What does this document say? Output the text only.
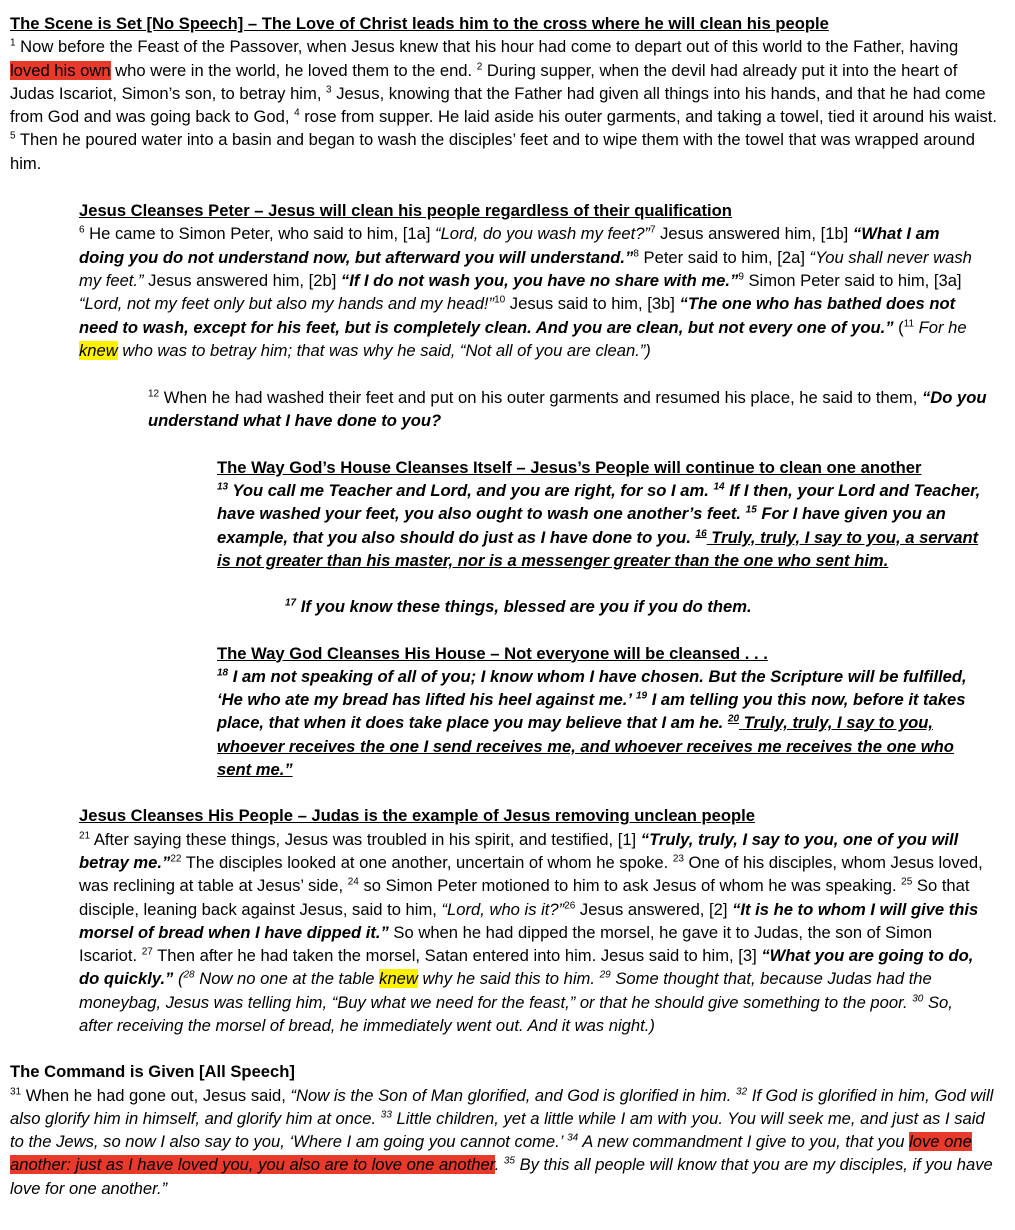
The Scene is Set [No Speech] – The Love of Christ leads him to the cross where he will clean his people

$^1$ Now before the Feast of the Passover, when Jesus knew that his hour had come to depart out of this world to the Father, having loved his own who were in the world, he loved them to the end. $^2$ During supper, when the devil had already put it into the heart of Judas Iscariot, Simon’s son, to betray him, $^3$ Jesus, knowing that the Father had given all things into his hands, and that he had come from God and was going back to God, $^4$ rose from supper. He laid aside his outer garments, and taking a towel, tied it around his waist. $^5$ Then he poured water into a basin and began to wash the disciples’ feet and to wipe them with the towel that was wrapped around him.

Jesus Cleanses Peter – Jesus will clean his people regardless of their qualification

$^6$ He came to Simon Peter, who said to him, [1a] “Lord, do you wash my feet?”$^7$ Jesus answered him, [1b] “What I am doing you do not understand now, but afterward you will understand.”$^8$ Peter said to him, [2a] “You shall never wash my feet.” Jesus answered him, [2b] “If I do not wash you, you have no share with me.”$^9$ Simon Peter said to him, [3a] “Lord, not my feet only but also my hands and my head!”$^{10}$ Jesus said to him, [3b] “The one who has bathed does not need to wash, except for his feet, but is completely clean. And you are clean, but not every one of you.” ($^{11}$ For he knew who was to betray him; that was why he said, “Not all of you are clean.”)

$^{12}$ When he had washed their feet and put on his outer garments and resumed his place, he said to them, “Do you understand what I have done to you?

The Way God’s House Cleanses Itself – Jesus’s People will continue to clean one another

$^{13}$ You call me Teacher and Lord, and you are right, for so I am. $^{14}$ If I then, your Lord and Teacher, have washed your feet, you also ought to wash one another’s feet. $^{15}$ For I have given you an example, that you also should do just as I have done to you. $^{16}$ Truly, truly, I say to you, a servant is not greater than his master, nor is a messenger greater than the one who sent him.

$^{17}$ If you know these things, blessed are you if you do them.

The Way God Cleanses His House – Not everyone will be cleansed . . .

$^{18}$ I am not speaking of all of you; I know whom I have chosen. But the Scripture will be fulfilled, ‘He who ate my bread has lifted his heel against me.’ $^{19}$ I am telling you this now, before it takes place, that when it does take place you may believe that I am he. $^{20}$ Truly, truly, I say to you, whoever receives the one I send receives me, and whoever receives me receives the one who sent me.”

Jesus Cleanses His People – Judas is the example of Jesus removing unclean people

$^{21}$ After saying these things, Jesus was troubled in his spirit, and testified, [1] “Truly, truly, I say to you, one of you will betray me.”$^{22}$ The disciples looked at one another, uncertain of whom he spoke. $^{23}$ One of his disciples, whom Jesus loved, was reclining at table at Jesus’ side, $^{24}$ so Simon Peter motioned to him to ask Jesus of whom he was speaking. $^{25}$ So that disciple, leaning back against Jesus, said to him, “Lord, who is it?”$^{26}$ Jesus answered, [2] “It is he to whom I will give this morsel of bread when I have dipped it.” So when he had dipped the morsel, he gave it to Judas, the son of Simon Iscariot. $^{27}$ Then after he had taken the morsel, Satan entered into him. Jesus said to him, [3] “What you are going to do, do quickly.” ($^{28}$ Now no one at the table knew why he said this to him. $^{29}$ Some thought that, because Judas had the moneybag, Jesus was telling him, “Buy what we need for the feast,” or that he should give something to the poor. $^{30}$ So, after receiving the morsel of bread, he immediately went out. And it was night.)

The Command is Given [All Speech]

$^{31}$ When he had gone out, Jesus said, “Now is the Son of Man glorified, and God is glorified in him. $^{32}$ If God is glorified in him, God will also glorify him in himself, and glorify him at once. $^{33}$ Little children, yet a little while I am with you. You will seek me, and just as I said to the Jews, so now I also say to you, ‘Where I am going you cannot come.’ $^{34}$ A new commandment I give to you, that you love one another: just as I have loved you, you also are to love one another. $^{35}$ By this all people will know that you are my disciples, if you have love for one another.”
